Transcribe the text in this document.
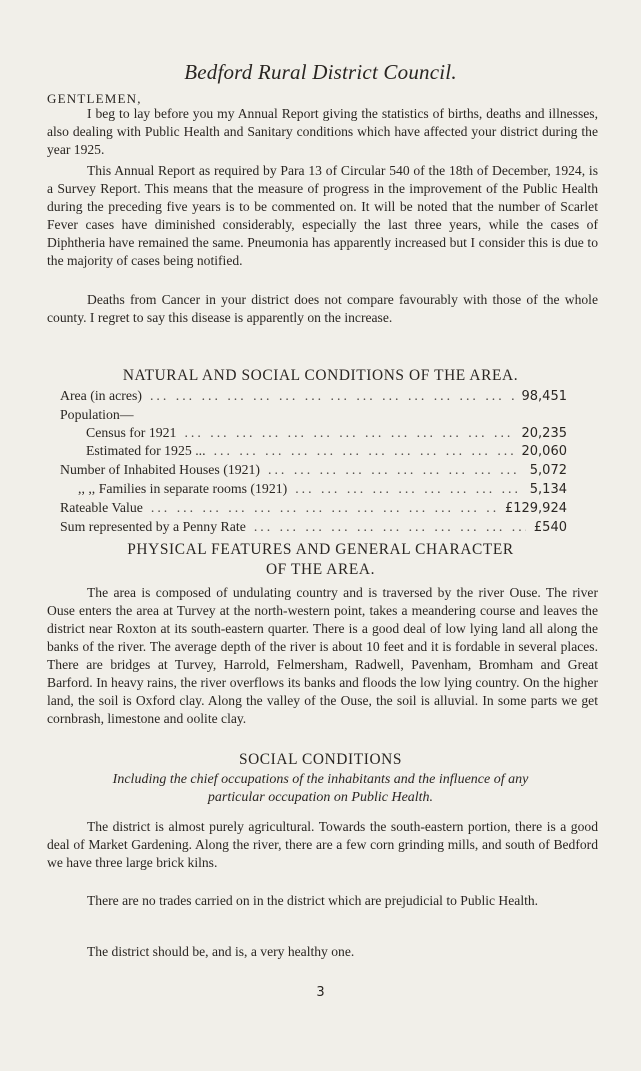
Bedford Rural District Council.

GENTLEMEN,

I beg to lay before you my Annual Report giving the statistics of births, deaths and illnesses, also dealing with Public Health and Sanitary conditions which have affected your district during the year 1925.

This Annual Report as required by Para 13 of Circular 540 of the 18th of December, 1924, is a Survey Report. This means that the measure of progress in the improvement of the Public Health during the preceding five years is to be commented on. It will be noted that the number of Scarlet Fever cases have diminished considerably, especially the last three years, while the cases of Diphtheria have remained the same. Pneumonia has apparently increased but I consider this is due to the majority of cases being notified.

Deaths from Cancer in your district does not compare favourably with those of the whole county. I regret to say this disease is apparently on the increase.

NATURAL AND SOCIAL CONDITIONS OF THE AREA.
Area (in acres) ... .	98,451
Population—
Census for 1921 ... .	20,235
Estimated for 1925 ... ... .	20,060
Number of Inhabited Houses (1921) ... .	5,072
,, ,, Families in separate rooms (1921) ... .	5,134
Rateable Value ... .	£129,924
Sum represented by a Penny Rate ... .	£540
PHYSICAL FEATURES AND GENERAL CHARACTER
OF THE AREA.

The area is composed of undulating country and is traversed by the river Ouse. The river Ouse enters the area at Turvey at the north-western point, takes a meandering course and leaves the district near Roxton at its south-eastern quarter. There is a good deal of low lying land all along the banks of the river. The average depth of the river is about 10 feet and it is fordable in several places. There are bridges at Turvey, Harrold, Felmersham, Radwell, Pavenham, Bromham and Great Barford. In heavy rains, the river overflows its banks and floods the low lying country. On the higher land, the soil is Oxford clay. Along the valley of the Ouse, the soil is alluvial. In some parts we get cornbrash, limestone and oolite clay.

SOCIAL CONDITIONS

Including the chief occupations of the inhabitants and the influence of any
particular occupation on Public Health.

The district is almost purely agricultural. Towards the south-eastern portion, there is a good deal of Market Gardening. Along the river, there are a few corn grinding mills, and south of Bedford we have three large brick kilns.

There are no trades carried on in the district which are prejudicial to Public Health.

The district should be, and is, a very healthy one.

3
